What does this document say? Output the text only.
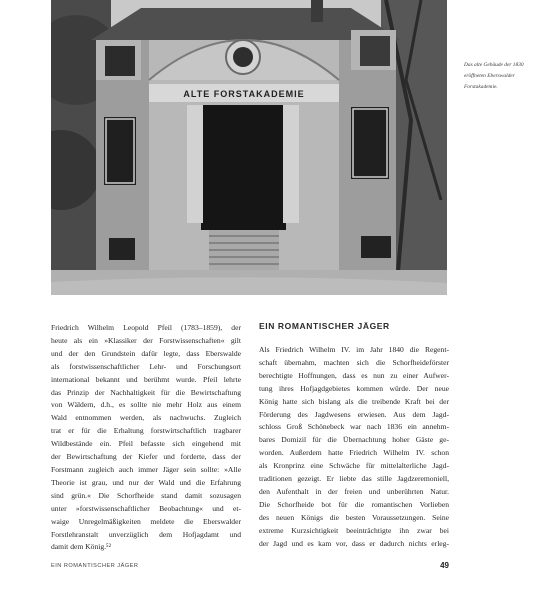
ALTE FORSTAKADEMIE
Das alte Gebäude der 1830 eröffneten Eberswalder Forstakademie.
Friedrich Wilhelm Leopold Pfeil (1783–1859), der
heute als ein »Klassiker der Forstwissenschaften« gilt
und der den Grundstein dafür legte, dass Eberswalde
als forstwissenschaftlicher Lehr- und Forschungsort
international bekannt und berühmt wurde. Pfeil lehrte
das Prinzip der Nachhaltigkeit für die Bewirtschaftung
von Wäldern, d.h., es sollte nie mehr Holz aus einem
Wald entnommen werden, als nachwuchs. Zugleich
trat er für die Erhaltung forstwirtschaftlich tragbarer
Wildbestände ein. Pfeil befasste sich eingehend mit
der Bewirtschaftung der Kiefer und forderte, dass der
Forstmann zugleich auch immer Jäger sein sollte: »Alle
Theorie ist grau, und nur der Wald und die Erfahrung
sind grün.« Die Schorfheide stand damit sozusagen
unter »forstwissenschaftlicher Beobachtung« und et-
waige Unregelmäßigkeiten meldete die Eberswalder
Forstlehranstalt unverzüglich dem Hofjagdamt und
damit dem König.⁵²
EIN ROMANTISCHER JÄGER
Als Friedrich Wilhelm IV. im Jahr 1840 die Regent-
schaft übernahm, machten sich die Schorfheideförster
berechtigte Hoffnungen, dass es nun zu einer Aufwer-
tung ihres Hofjagdgebietes kommen würde. Der neue
König hatte sich bislang als die treibende Kraft bei der
Förderung des Jagdwesens erwiesen. Aus dem Jagd-
schloss Groß Schönebeck war nach 1836 ein annehm-
bares Domizil für die Übernachtung hoher Gäste ge-
worden. Außerdem hatte Friedrich Wilhelm IV. schon
als Kronprinz eine Schwäche für mittelalterliche Jagd-
traditionen gezeigt. Er liebte das stille Jagdzeremoniell,
den Aufenthalt in der freien und unberührten Natur.
Die Schorfheide bot für die romantischen Vorlieben
des neuen Königs die besten Voraussetzungen. Seine
extreme Kurzsichtigkeit beeinträchtigte ihn zwar bei
der Jagd und es kam vor, dass er dadurch nichts erleg-
EIN ROMANTISCHER JÄGER	49
